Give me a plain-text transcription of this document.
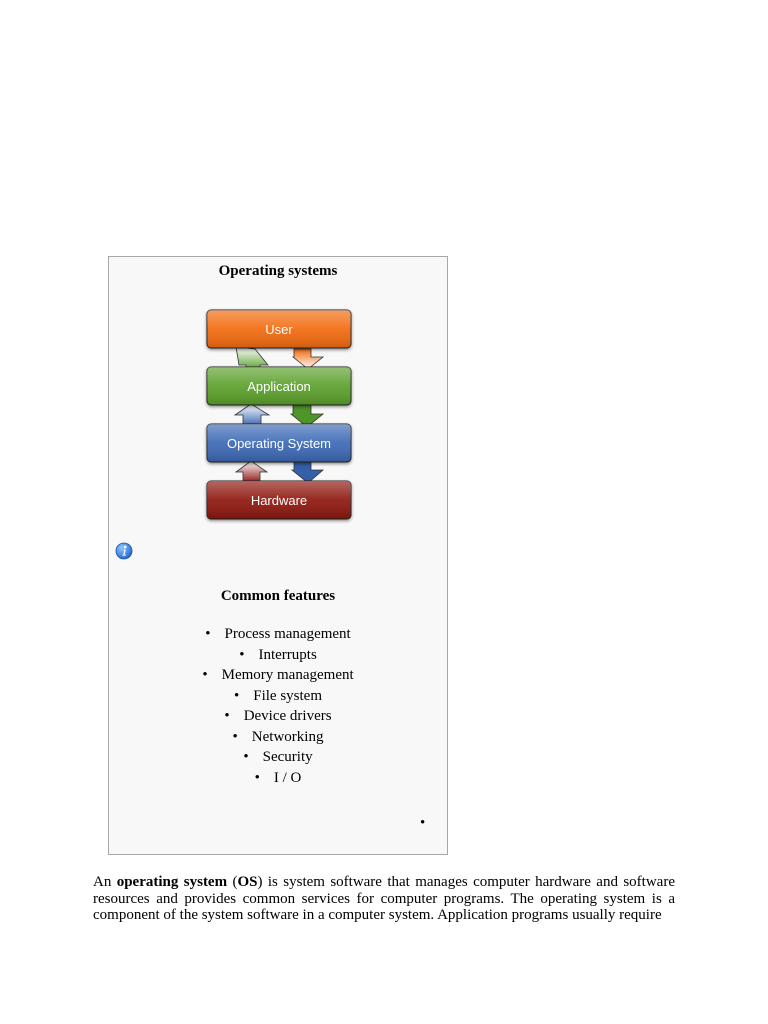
Operating systems
User
Application
Operating System
Hardware
Common features
• Process management
• Interrupts
• Memory management
• File system
• Device drivers
• Networking
• Security
• I / O
•

An operating system (OS) is system software that manages computer hardware and software resources and provides common services for computer programs. The operating system is a component of the system software in a computer system. Application programs usually require
